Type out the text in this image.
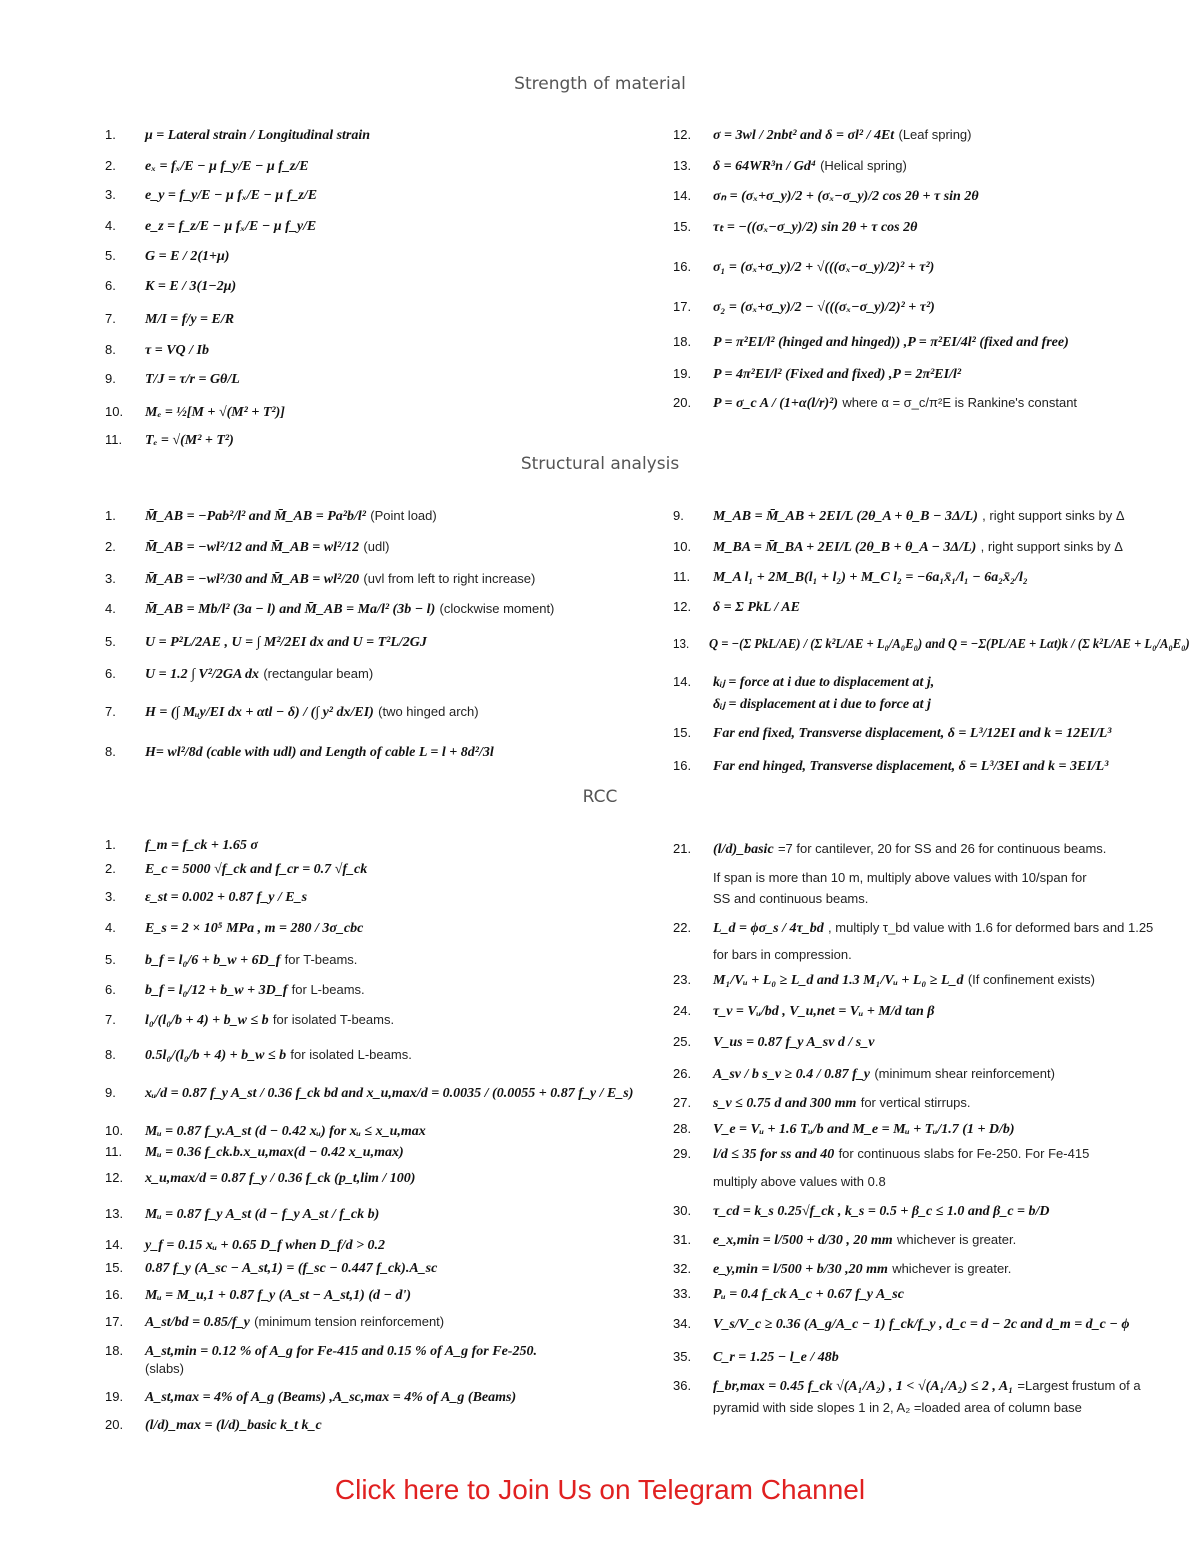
Strength of material
Structural analysis
RCC
1. μ = Lateral strain / Longitudinal strain
2. eₓ = fₓ/E − μ f_y/E − μ f_z/E
3. e_y = f_y/E − μ fₓ/E − μ f_z/E
4. e_z = f_z/E − μ fₓ/E − μ f_y/E
5. G = E / 2(1+μ)
6. K = E / 3(1−2μ)
7. M/I = f/y = E/R
8. τ = VQ / Ib
9. T/J = τ/r = Gθ/L
10. Mₑ = ½[M + √(M² + T²)]
11. Tₑ = √(M² + T²)
12. σ = 3wl / 2nbt² and δ = σl² / 4Et (Leaf spring)
13. δ = 64WR³n / Gd⁴ (Helical spring)
14. σₙ = (σₓ+σ_y)/2 + (σₓ−σ_y)/2 cos 2θ + τ sin 2θ
15. τₜ = −((σₓ−σ_y)/2) sin 2θ + τ cos 2θ
16. σ₁ = (σₓ+σ_y)/2 + √(((σₓ−σ_y)/2)² + τ²)
17. σ₂ = (σₓ+σ_y)/2 − √(((σₓ−σ_y)/2)² + τ²)
18. P = π²EI/l² (hinged and hinged)) ,P = π²EI/4l² (fixed and free)
19. P = 4π²EI/l² (Fixed and fixed) ,P = 2π²EI/l²
20. P = σ_c A / (1+α(l/r)²) where α = σ_c/π²E is Rankine's constant
1. M̄_AB = −Pab²/l² and M̄_AB = Pa²b/l² (Point load)
2. M̄_AB = −wl²/12 and M̄_AB = wl²/12 (udl)
3. M̄_AB = −wl²/30 and M̄_AB = wl²/20 (uvl from left to right increase)
4. M̄_AB = Mb/l² (3a − l) and M̄_AB = Ma/l² (3b − l) (clockwise moment)
5. U = P²L/2AE , U = ∫ M²/2EI dx and U = T²L/2GJ
6. U = 1.2 ∫ V²/2GA dx (rectangular beam)
7. H = (∫ Mᵤy/EI dx + αtl − δ) / (∫ y² dx/EI) (two hinged arch)
8. H= wl²/8d (cable with udl) and Length of cable L = l + 8d²/3l
9. M_AB = M̄_AB + 2EI/L (2θ_A + θ_B − 3Δ/L) , right support sinks by Δ
10. M_BA = M̄_BA + 2EI/L (2θ_B + θ_A − 3Δ/L) , right support sinks by Δ
11. M_A l₁ + 2M_B(l₁ + l₂) + M_C l₂ = −6a₁x̄₁/l₁ − 6a₂x̄₂/l₂
12. δ = Σ PkL / AE
13. Q = −(Σ PkL/AE) / (Σ k²L/AE + L₀/A₀E₀) and Q = −Σ(PL/AE + Lαt)k / (Σ k²L/AE + L₀/A₀E₀)
14. kᵢⱼ = force at i due to displacement at j,
δᵢⱼ = displacement at i due to force at j
15. Far end fixed, Transverse displacement, δ = L³/12EI and k = 12EI/L³
16. Far end hinged, Transverse displacement, δ = L³/3EI and k = 3EI/L³
1. f_m = f_ck + 1.65 σ
2. E_c = 5000 √f_ck and f_cr = 0.7 √f_ck
3. ε_st = 0.002 + 0.87 f_y / E_s
4. E_s = 2 × 10⁵ MPa , m = 280 / 3σ_cbc
5. b_f = l₀/6 + b_w + 6D_f for T-beams.
6. b_f = l₀/12 + b_w + 3D_f for L-beams.
7. l₀/(l₀/b + 4) + b_w ≤ b for isolated T-beams.
8. 0.5l₀/(l₀/b + 4) + b_w ≤ b for isolated L-beams.
9. xᵤ/d = 0.87 f_y A_st / 0.36 f_ck bd and x_u,max/d = 0.0035 / (0.0055 + 0.87 f_y / E_s)
10. Mᵤ = 0.87 f_y.A_st (d − 0.42 xᵤ) for xᵤ ≤ x_u,max
11. Mᵤ = 0.36 f_ck.b.x_u,max(d − 0.42 x_u,max)
12. x_u,max/d = 0.87 f_y / 0.36 f_ck (p_t,lim / 100)
13. Mᵤ = 0.87 f_y A_st (d − f_y A_st / f_ck b)
14. y_f = 0.15 xᵤ + 0.65 D_f when D_f/d > 0.2
15. 0.87 f_y (A_sc − A_st,1) = (f_sc − 0.447 f_ck).A_sc
16. Mᵤ = M_u,1 + 0.87 f_y (A_st − A_st,1) (d − d')
17. A_st/bd = 0.85/f_y (minimum tension reinforcement)
18. A_st,min = 0.12 % of A_g for Fe-415 and 0.15 % of A_g for Fe-250.
(slabs)
19. A_st,max = 4% of A_g (Beams) ,A_sc,max = 4% of A_g (Beams)
20. (l/d)_max = (l/d)_basic k_t k_c
21. (l/d)_basic =7 for cantilever, 20 for SS and 26 for continuous beams.
If span is more than 10 m, multiply above values with 10/span for
SS and continuous beams.
22. L_d = ϕσ_s / 4τ_bd , multiply τ_bd value with 1.6 for deformed bars and 1.25
for bars in compression.
23. M₁/Vᵤ + L₀ ≥ L_d and 1.3 M₁/Vᵤ + L₀ ≥ L_d (If confinement exists)
24. τ_v = Vᵤ/bd , V_u,net = Vᵤ + M/d tan β
25. V_us = 0.87 f_y A_sv d / s_v
26. A_sv / b s_v ≥ 0.4 / 0.87 f_y (minimum shear reinforcement)
27. s_v ≤ 0.75 d and 300 mm for vertical stirrups.
28. V_e = Vᵤ + 1.6 Tᵤ/b and M_e = Mᵤ + Tᵤ/1.7 (1 + D/b)
29. l/d ≤ 35 for ss and 40 for continuous slabs for Fe-250. For Fe-415
multiply above values with 0.8
30. τ_cd = k_s 0.25√f_ck , k_s = 0.5 + β_c ≤ 1.0 and β_c = b/D
31. e_x,min = l/500 + d/30 , 20 mm whichever is greater.
32. e_y,min = l/500 + b/30 ,20 mm whichever is greater.
33. Pᵤ = 0.4 f_ck A_c + 0.67 f_y A_sc
34. V_s/V_c ≥ 0.36 (A_g/A_c − 1) f_ck/f_y , d_c = d − 2c and d_m = d_c − ϕ
35. C_r = 1.25 − l_e / 48b
36. f_br,max = 0.45 f_ck √(A₁/A₂) , 1 < √(A₁/A₂) ≤ 2 , A₁ =Largest frustum of a
pyramid with side slopes 1 in 2, A₂ =loaded area of column base
Click here to Join Us on Telegram Channel
